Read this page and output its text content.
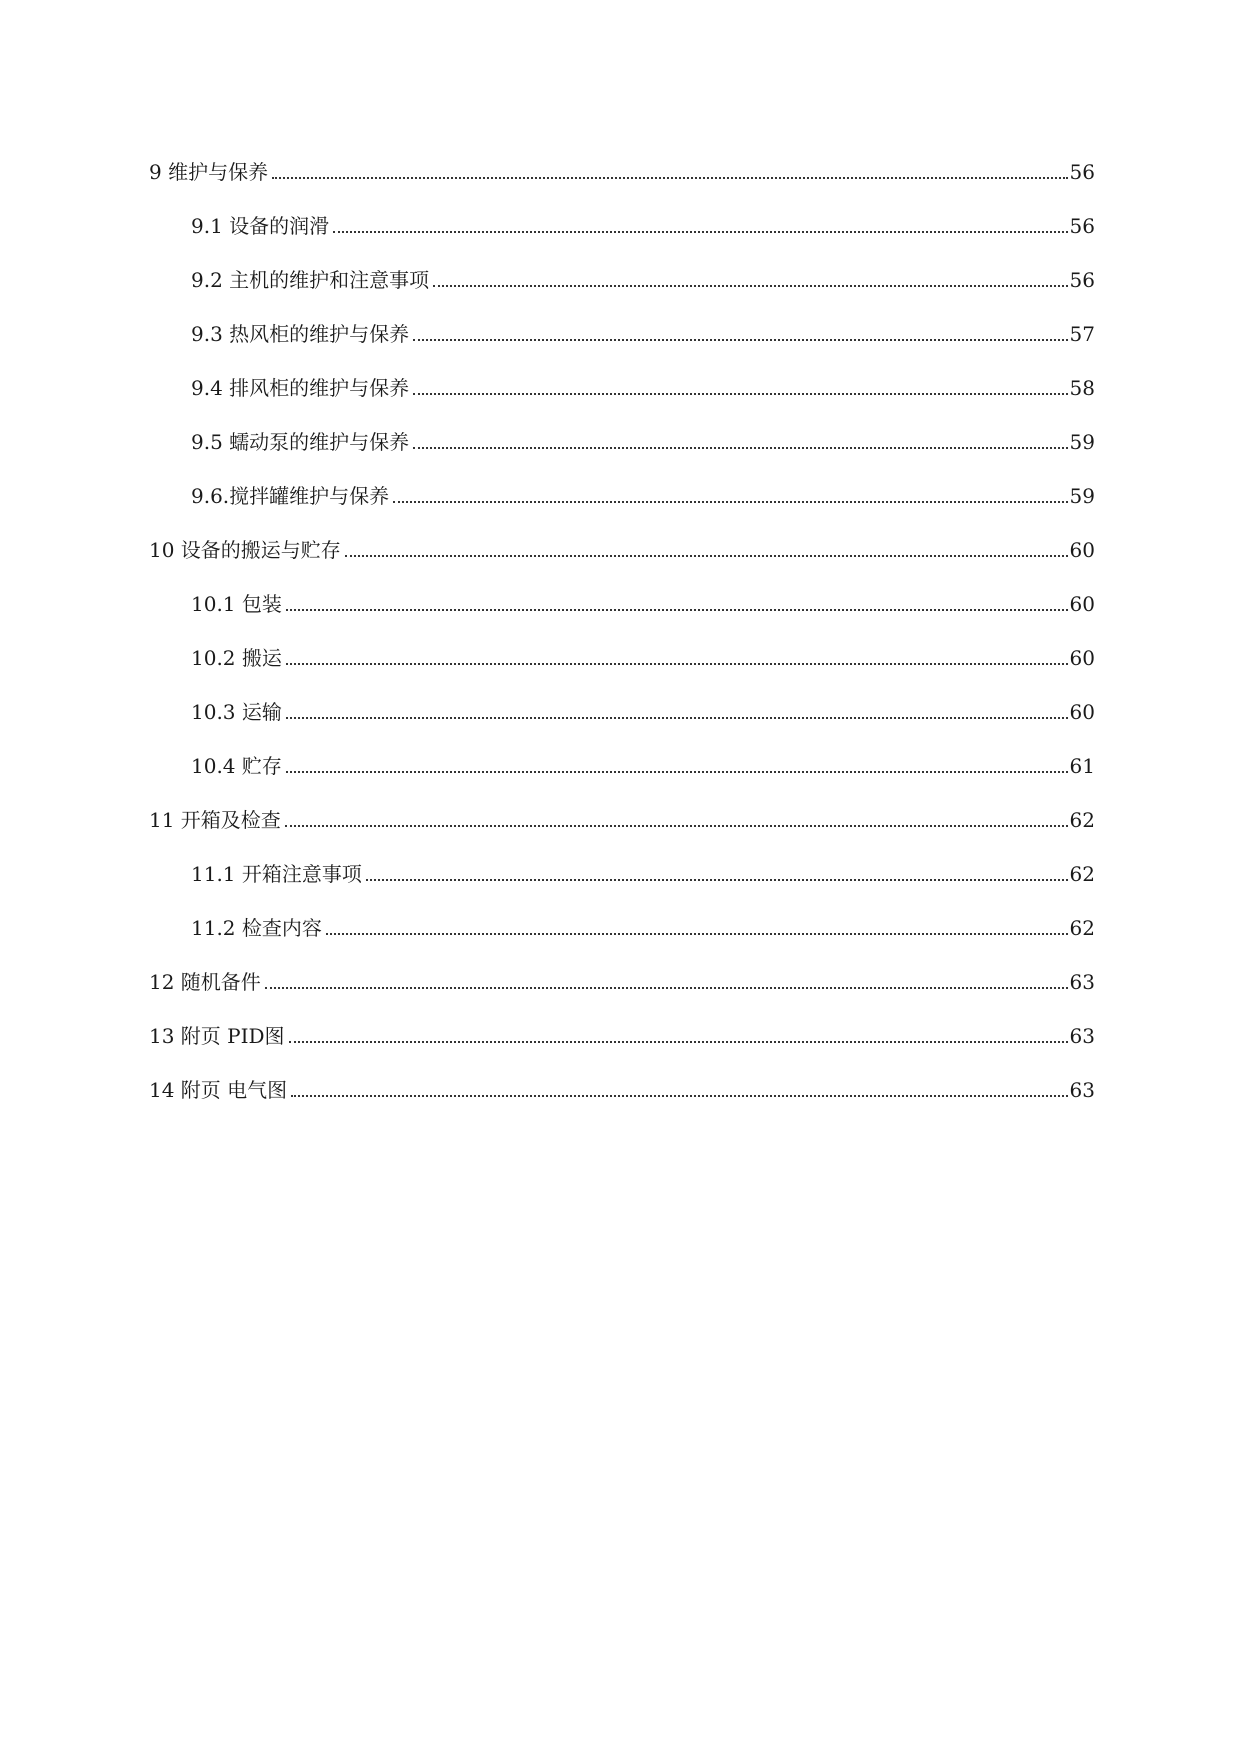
9 维护与保养	56
9.1 设备的润滑	56
9.2 主机的维护和注意事项	56
9.3 热风柜的维护与保养	57
9.4 排风柜的维护与保养	58
9.5 蠕动泵的维护与保养	59
9.6.搅拌罐维护与保养	59
10 设备的搬运与贮存	60
10.1 包装	60
10.2 搬运	60
10.3 运输	60
10.4 贮存	61
11 开箱及检查	62
11.1 开箱注意事项	62
11.2 检查内容	62
12 随机备件	63
13 附页 PID图	63
14 附页 电气图	63
